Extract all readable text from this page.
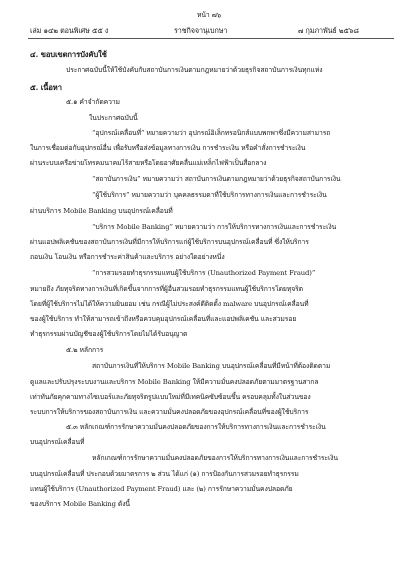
หน้า ๗๖
เล่ม ๑๔๒ ตอนพิเศษ ๕๕ ง	ราชกิจจานุเบกษา	๗ กุมภาพันธ์ ๒๕๖๘
๔. ขอบเขตการบังคับใช้
ประกาศฉบับนี้ให้ใช้บังคับกับสถาบันการเงินตามกฎหมายว่าด้วยธุรกิจสถาบันการเงินทุกแห่ง
๕. เนื้อหา
๕.๑ คำจำกัดความ
ในประกาศฉบับนี้
“อุปกรณ์เคลื่อนที่” หมายความว่า อุปกรณ์อิเล็กทรอนิกส์แบบพกพาซึ่งมีความสามารถ
ในการเชื่อมต่อกับอุปกรณ์อื่น เพื่อรับหรือส่งข้อมูลทางการเงิน การชำระเงิน หรือคำสั่งการชำระเงิน
ผ่านระบบเครือข่ายโทรคมนาคมไร้สายหรือโดยอาศัยคลื่นแม่เหล็กไฟฟ้าเป็นสื่อกลาง
“สถาบันการเงิน” หมายความว่า สถาบันการเงินตามกฎหมายว่าด้วยธุรกิจสถาบันการเงิน
“ผู้ใช้บริการ” หมายความว่า บุคคลธรรมดาที่ใช้บริการทางการเงินและการชำระเงิน
ผ่านบริการ Mobile Banking บนอุปกรณ์เคลื่อนที่
“บริการ Mobile Banking” หมายความว่า การให้บริการทางการเงินและการชำระเงิน
ผ่านแอปพลิเคชันของสถาบันการเงินที่มีการให้บริการแก่ผู้ใช้บริการบนอุปกรณ์เคลื่อนที่ ซึ่งให้บริการ
ถอนเงิน โอนเงิน หรือการชำระค่าสินค้าและบริการ อย่างใดอย่างหนึ่ง
“การสวมรอยทำธุรกรรมแทนผู้ใช้บริการ (Unauthorized Payment Fraud)”
หมายถึง ภัยทุจริตทางการเงินที่เกิดขึ้นจากการที่ผู้อื่นสวมรอยทำธุรกรรมแทนผู้ใช้บริการโดยทุจริต
โดยที่ผู้ใช้บริการไม่ได้ให้ความยินยอม เช่น กรณีผู้ไม่ประสงค์ดีติดตั้ง malware บนอุปกรณ์เคลื่อนที่
ของผู้ใช้บริการ ทำให้สามารถเข้าถึงหรือควบคุมอุปกรณ์เคลื่อนที่และแอปพลิเคชัน และสวมรอย
ทำธุรกรรมผ่านบัญชีของผู้ใช้บริการโดยไม่ได้รับอนุญาต
๕.๒ หลักการ
สถาบันการเงินที่ให้บริการ Mobile Banking บนอุปกรณ์เคลื่อนที่มีหน้าที่ต้องติดตาม
ดูแลและปรับปรุงระบบงานและบริการ Mobile Banking ให้มีความมั่นคงปลอดภัยตามมาตรฐานสากล
เท่าทันภัยคุกคามทางไซเบอร์และภัยทุจริตรูปแบบใหม่ที่มีเทคนิคซับซ้อนขึ้น ครอบคลุมทั้งในส่วนของ
ระบบการให้บริการของสถาบันการเงิน และความมั่นคงปลอดภัยของอุปกรณ์เคลื่อนที่ของผู้ใช้บริการ
๕.๓ หลักเกณฑ์การรักษาความมั่นคงปลอดภัยของการให้บริการทางการเงินและการชำระเงิน
บนอุปกรณ์เคลื่อนที่
หลักเกณฑ์การรักษาความมั่นคงปลอดภัยของการให้บริการทางการเงินและการชำระเงิน
บนอุปกรณ์เคลื่อนที่ ประกอบด้วยมาตรการ ๒ ส่วน ได้แก่ (๑) การป้องกันการสวมรอยทำธุรกรรม
แทนผู้ใช้บริการ (Unauthorized Payment Fraud) และ (๒) การรักษาความมั่นคงปลอดภัย
ของบริการ Mobile Banking ดังนี้
